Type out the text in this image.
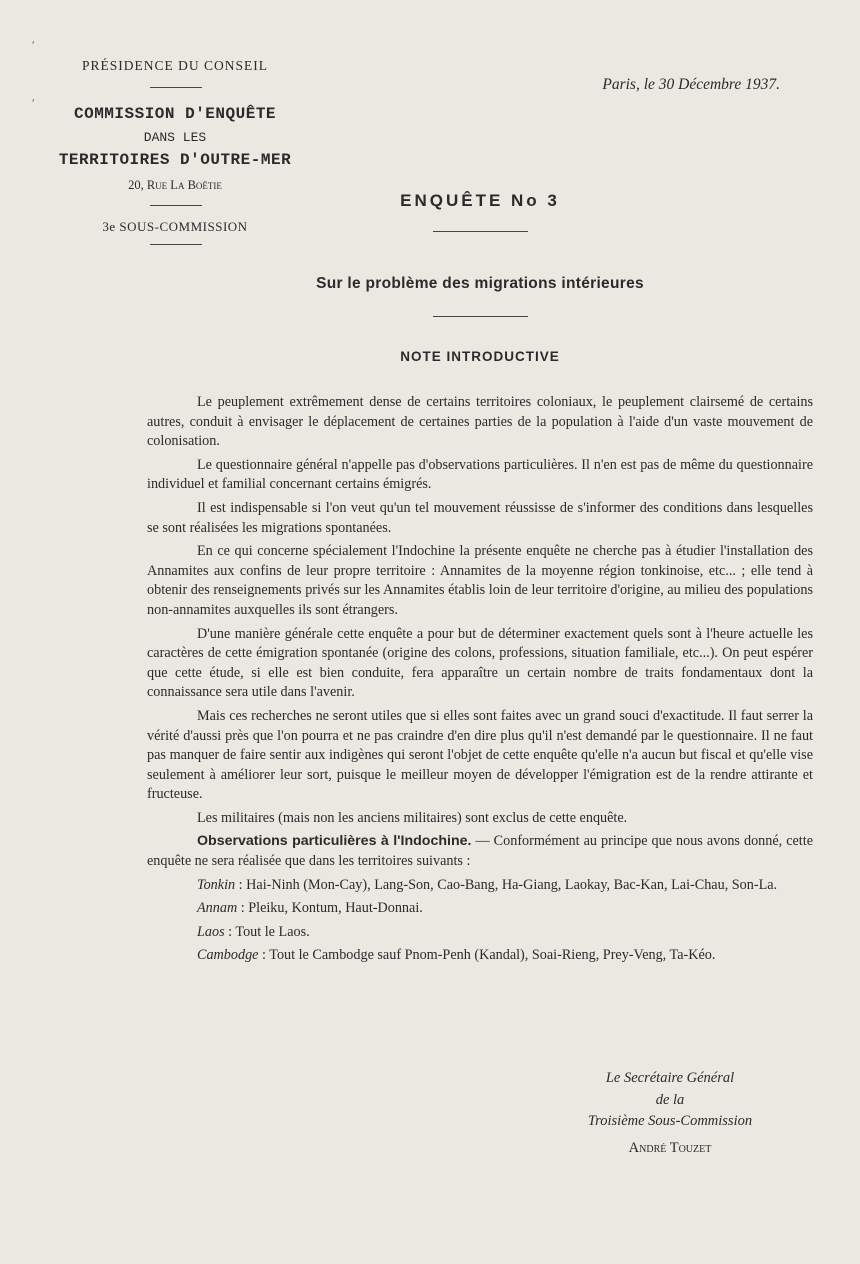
ʹ
ʹ
PRÉSIDENCE DU CONSEIL
COMMISSION D'ENQUÊTE
DANS LES
TERRITOIRES D'OUTRE-MER
20, Rue La Boëtie
3e SOUS-COMMISSION
Paris, le 30 Décembre 1937.
ENQUÊTE No 3
Sur le problème des migrations intérieures
NOTE INTRODUCTIVE

Le peuplement extrêmement dense de certains territoires coloniaux, le peuplement clairsemé de certains autres, conduit à envisager le déplacement de certaines parties de la population à l'aide d'un vaste mouvement de colonisation.

Le questionnaire général n'appelle pas d'observations particulières. Il n'en est pas de même du questionnaire individuel et familial concernant certains émigrés.

Il est indispensable si l'on veut qu'un tel mouvement réussisse de s'informer des conditions dans lesquelles se sont réalisées les migrations spontanées.

En ce qui concerne spécialement l'Indochine la présente enquête ne cherche pas à étudier l'installation des Annamites aux confins de leur propre territoire : Annamites de la moyenne région tonkinoise, etc... ; elle tend à obtenir des renseignements privés sur les Annamites établis loin de leur territoire d'origine, au milieu des populations non-annamites auxquelles ils sont étrangers.

D'une manière générale cette enquête a pour but de déterminer exactement quels sont à l'heure actuelle les caractères de cette émigration spontanée (origine des colons, professions, situation familiale, etc...). On peut espérer que cette étude, si elle est bien conduite, fera apparaître un certain nombre de traits fondamentaux dont la connaissance sera utile dans l'avenir.

Mais ces recherches ne seront utiles que si elles sont faites avec un grand souci d'exactitude. Il faut serrer la vérité d'aussi près que l'on pourra et ne pas craindre d'en dire plus qu'il n'est demandé par le questionnaire. Il ne faut pas manquer de faire sentir aux indigènes qui seront l'objet de cette enquête qu'elle n'a aucun but fiscal et qu'elle vise seulement à améliorer leur sort, puisque le meilleur moyen de développer l'émigration est de la rendre attirante et fructeuse.

Les militaires (mais non les anciens militaires) sont exclus de cette enquête.

Observations particulières à l'Indochine. — Conformément au principe que nous avons donné, cette enquête ne sera réalisée que dans les territoires suivants :

Tonkin : Hai-Ninh (Mon-Cay), Lang-Son, Cao-Bang, Ha-Giang, Laokay, Bac-Kan, Lai-Chau, Son-La.

Annam : Pleiku, Kontum, Haut-Donnai.

Laos : Tout le Laos.

Cambodge : Tout le Cambodge sauf Pnom-Penh (Kandal), Soai-Rieng, Prey-Veng, Ta-Kéo.

Le Secrétaire Général
de la
Troisième Sous-Commission
André Touzet
